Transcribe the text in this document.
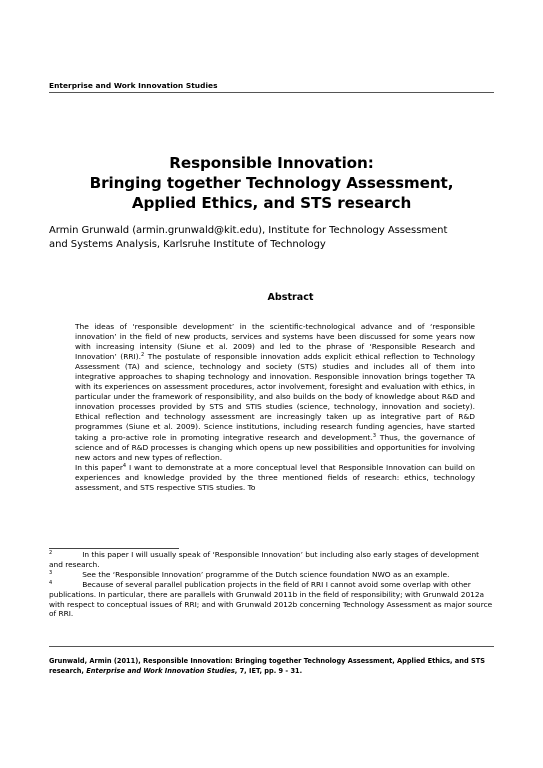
Enterprise and Work Innovation Studies
Responsible Innovation:
Bringing together Technology Assessment,
Applied Ethics, and STS research
Armin Grunwald (armin.grunwald@kit.edu), Institute for Technology Assessment
and Systems Analysis, Karlsruhe Institute of Technology
Abstract

The ideas of ‘responsible development’ in the scientific-technological advance and of ‘responsible innovation’ in the field of new products, services and systems have been discussed for some years now with increasing intensity (Siune et al. 2009) and led to the phrase of ‘Responsible Research and Innovation’ (RRI).$^2$ The postulate of responsible innovation adds explicit ethical reflection to Technology Assessment (TA) and science, technology and society (STS) studies and includes all of them into integrative approaches to shaping technology and innovation. Responsible innovation brings together TA with its experiences on assessment procedures, actor involvement, foresight and evaluation with ethics, in particular under the framework of responsibility, and also builds on the body of knowledge about R&D and innovation processes provided by STS and STIS studies (science, technology, innovation and society). Ethical reflection and technology assessment are increasingly taken up as integrative part of R&D programmes (Siune et al. 2009). Science institutions, including research funding agencies, have started taking a pro-active role in promoting integrative research and development.$^3$ Thus, the governance of science and of R&D processes is changing which opens up new possibilities and opportunities for involving new actors and new types of reflection.

In this paper$^4$ I want to demonstrate at a more conceptual level that Responsible Innovation can build on experiences and knowledge provided by the three mentioned fields of research: ethics, technology assessment, and STS respective STIS studies. To

$^2$	In this paper I will usually speak of ‘Responsible Innovation’ but including also early stages of development and research.

$^3$	See the ‘Responsible Innovation’ programme of the Dutch science foundation NWO as an example.

$^4$	Because of several parallel publication projects in the field of RRI I cannot avoid some overlap with other publications. In particular, there are parallels with Grunwald 2011b in the field of responsibility; with Grunwald 2012a with respect to conceptual issues of RRI; and with Grunwald 2012b concerning Technology Assessment as major source of RRI.

Grunwald, Armin (2011), Responsible Innovation: Bringing together Technology Assessment, Applied Ethics, and STS research, Enterprise and Work Innovation Studies, 7, IET, pp. 9 - 31.
